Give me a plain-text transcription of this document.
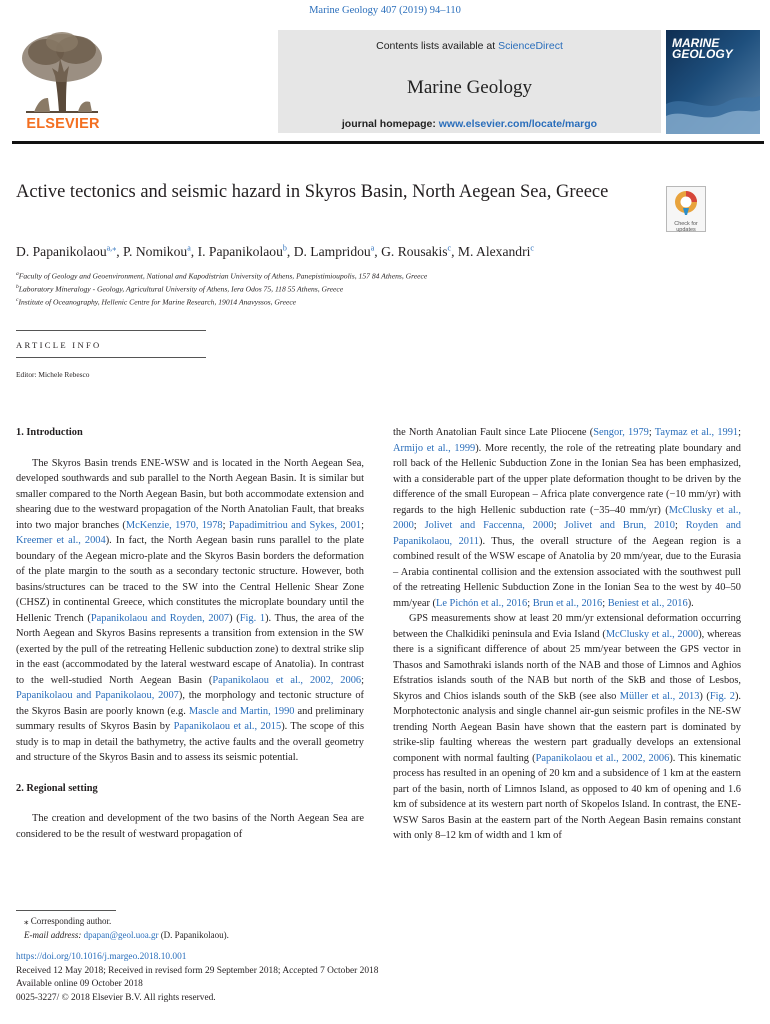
Marine Geology 407 (2019) 94–110
ELSEVIER
Contents lists available at ScienceDirect
Marine Geology
journal homepage: www.elsevier.com/locate/margo
MARINE
GEOLOGY
Active tectonics and seismic hazard in Skyros Basin, North Aegean Sea, Greece
Check for
updates
D. Papanikolaou$^{a,⁎}$, P. Nomikou$^a$, I. Papanikolaou$^b$, D. Lampridou$^a$, G. Rousakis$^c$, M. Alexandri$^c$
$^a$Faculty of Geology and Geoenvironment, National and Kapodistrian University of Athens, Panepistimioupolis, 157 84 Athens, Greece
$^b$Laboratory Mineralogy - Geology, Agricultural University of Athens, Iera Odos 75, 118 55 Athens, Greece
$^c$Institute of Oceanography, Hellenic Centre for Marine Research, 19014 Anavyssos, Greece
ARTICLE INFO
Editor: Michele Rebesco
1. Introduction

The Skyros Basin trends ENE-WSW and is located in the North Aegean Sea, developed southwards and sub parallel to the North Aegean Basin. It is similar but smaller compared to the North Aegean Basin, but both accommodate extension and shearing due to the westward propagation of the North Anatolian Fault, that breaks into two major branches (McKenzie, 1970, 1978; Papadimitriou and Sykes, 2001; Kreemer et al., 2004). In fact, the North Aegean basin runs parallel to the plate boundary of the Aegean micro-plate and the Skyros Basin borders the deformation of the plate margin to the south as a secondary tectonic structure. However, both basins/structures can be traced to the SW into the Central Hellenic Shear Zone (CHSZ) in continental Greece, which constitutes the microplate boundary until the Hellenic Trench (Papanikolaou and Royden, 2007) (Fig. 1). Thus, the area of the North Aegean and Skyros Basins represents a transition from extension in the SW (exerted by the pull of the retreating Hellenic subduction zone) to dextral strike slip in the east (accommodated by the lateral westward escape of Anatolia). In contrast to the well-studied North Aegean Basin (Papanikolaou et al., 2002, 2006; Papanikolaou and Papanikolaou, 2007), the morphology and tectonic structure of the Skyros Basin are poorly known (e.g. Mascle and Martin, 1990 and preliminary summary results of Skyros Basin by Papanikolaou et al., 2015). The scope of this study is to map in detail the bathymetry, the active faults and the overall geometry and structure of the Skyros Basin and to assess its seismic potential.

2. Regional setting

The creation and development of the two basins of the North Aegean Sea are considered to be the result of westward propagation of

the North Anatolian Fault since Late Pliocene (Sengor, 1979; Taymaz et al., 1991; Armijo et al., 1999). More recently, the role of the retreating plate boundary and roll back of the Hellenic Subduction Zone in the Ionian Sea has been emphasized, with a considerable part of the upper plate deformation thought to be driven by the difference of the small European – Africa plate convergence rate (−10 mm/yr) with regards to the high Hellenic subduction rate (−35–40 mm/yr) (McClusky et al., 2000; Jolivet and Faccenna, 2000; Jolivet and Brun, 2010; Royden and Papanikolaou, 2011). Thus, the overall structure of the Aegean region is a combined result of the WSW escape of Anatolia by 20 mm/year, due to the Eurasia – Arabia continental collision and the extension associated with the southwest pull of the retreating Hellenic Subduction Zone in the Ionian Sea to the west by 40–50 mm/year (Le Pichón et al., 2016; Brun et al., 2016; Beniest et al., 2016).

GPS measurements show at least 20 mm/yr extensional deformation occurring between the Chalkidiki peninsula and Evia Island (McClusky et al., 2000), whereas there is a significant difference of about 25 mm/year between the GPS vector in Thasos and Samothraki islands north of the NAB and those of Limnos and Aghios Efstratios islands south of the NAB but north of the SkB and those of Lesbos, Skyros and Chios islands south of the SkB (see also Müller et al., 2013) (Fig. 2). Morphotectonic analysis and single channel air-gun seismic profiles in the NE-SW trending North Aegean Basin have shown that the eastern part is dominated by strike-slip faulting whereas the western part gradually develops an extensional component with normal faulting (Papanikolaou et al., 2002, 2006). This kinematic process has resulted in an opening of 20 km and a subsidence of 1 km at the eastern part of the basin, north of Limnos Island, as opposed to 40 km of opening and 1.6 km of subsidence at its western part north of Skopelos Island. In contrast, the ENE-WSW Saros Basin at the eastern part of the North Aegean Basin remains constant with only 8–12 km of width and 1 km of

⁎ Corresponding author.
E-mail address: dpapan@geol.uoa.gr (D. Papanikolaou).
https://doi.org/10.1016/j.margeo.2018.10.001
Received 12 May 2018; Received in revised form 29 September 2018; Accepted 7 October 2018
Available online 09 October 2018
0025-3227/ © 2018 Elsevier B.V. All rights reserved.
